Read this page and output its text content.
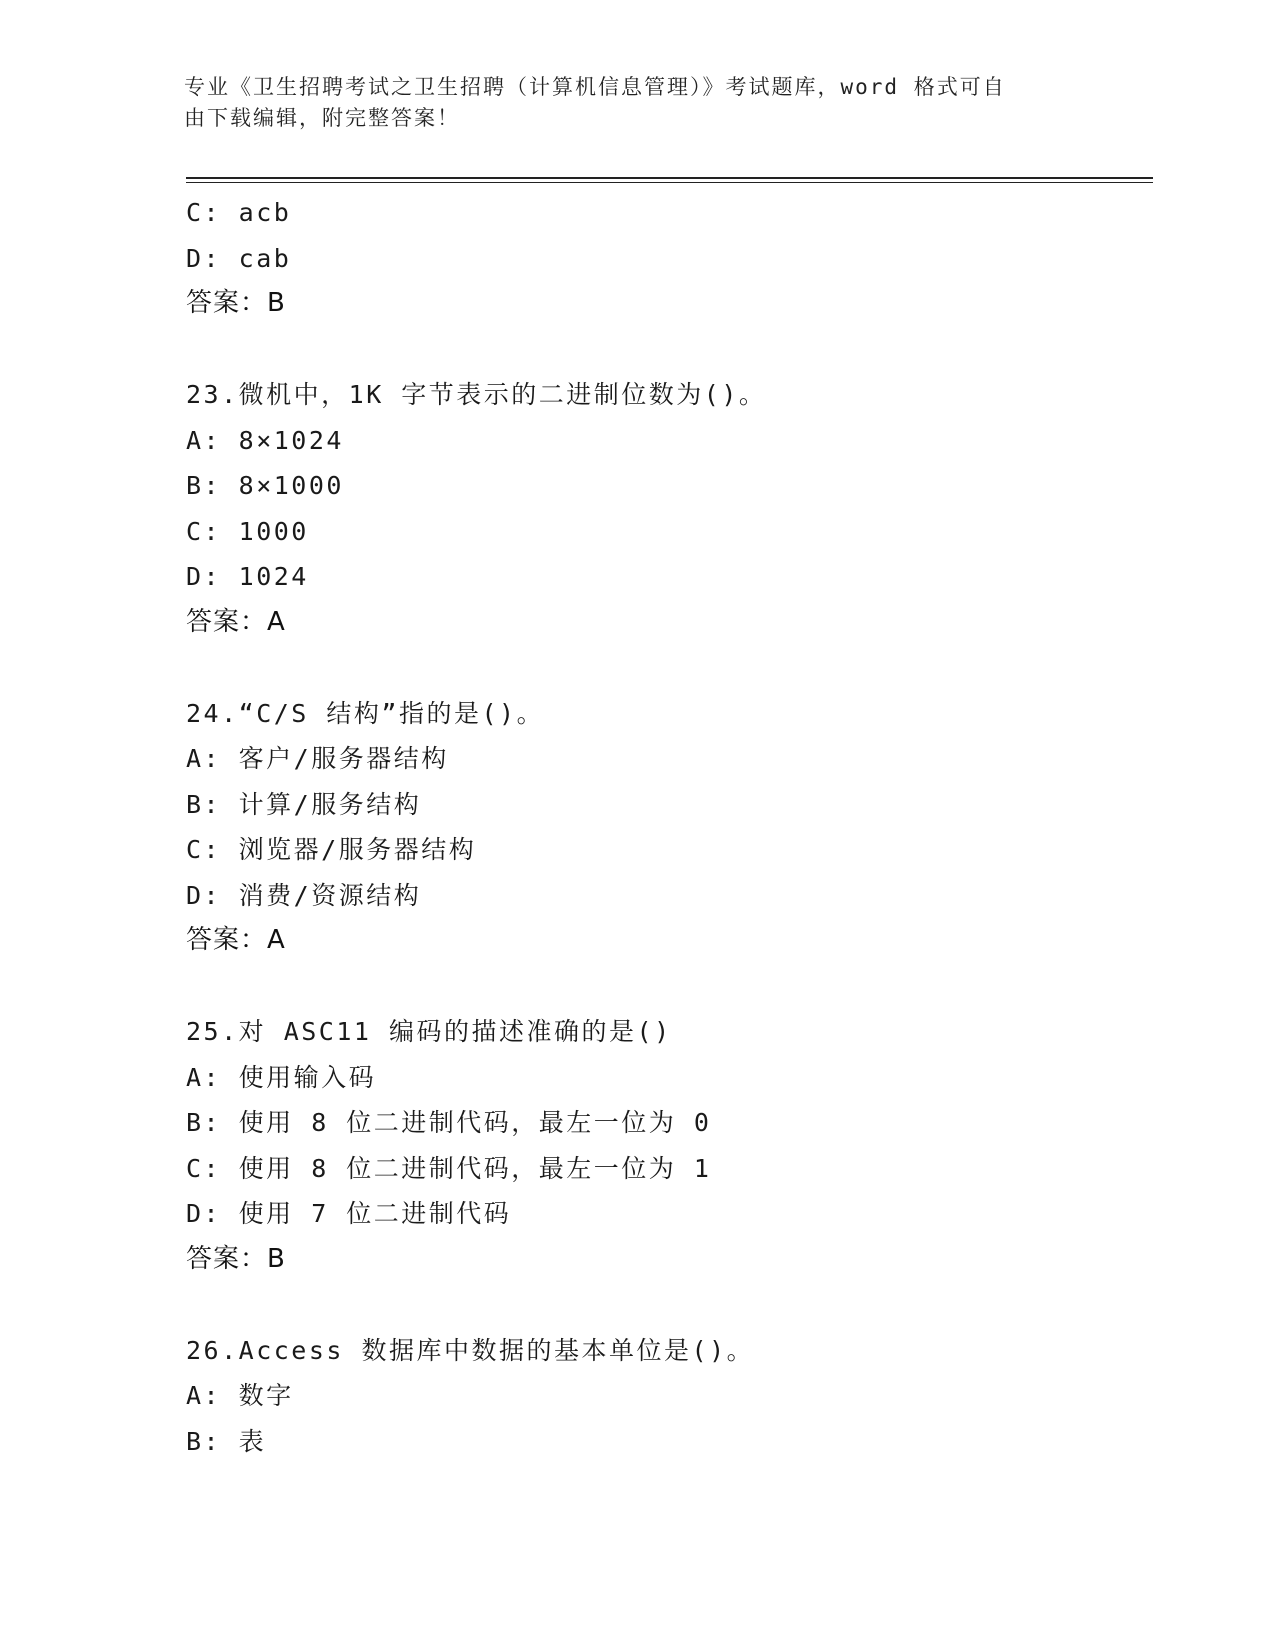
专业《卫生招聘考试之卫生招聘（计算机信息管理）》考试题库，word 格式可自
由下载编辑，附完整答案！
C: acb
D: cab
答案：B
23.微机中，1K 字节表示的二进制位数为()。
A: 8×1024
B: 8×1000
C: 1000
D: 1024
答案：A
24.“C/S 结构”指的是()。
A: 客户/服务器结构
B: 计算/服务结构
C: 浏览器/服务器结构
D: 消费/资源结构
答案：A
25.对 ASC11 编码的描述准确的是()
A: 使用输入码
B: 使用 8 位二进制代码，最左一位为 0
C: 使用 8 位二进制代码，最左一位为 1
D: 使用 7 位二进制代码
答案：B
26.Access 数据库中数据的基本单位是()。
A: 数字
B: 表
